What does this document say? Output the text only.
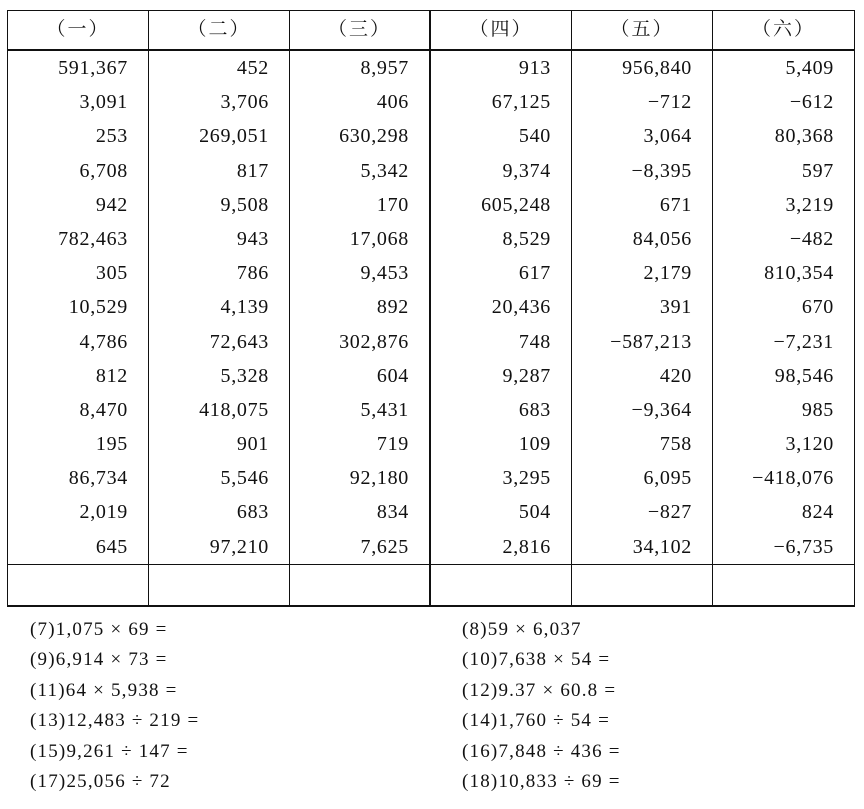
（一）	（二）	（三）	（四）	（五）	（六）
591,367	452	8,957	913	956,840	5,409
3,091	3,706	406	67,125	−712	−612
253	269,051	630,298	540	3,064	80,368
6,708	817	5,342	9,374	−8,395	597
942	9,508	170	605,248	671	3,219
782,463	943	17,068	8,529	84,056	−482
305	786	9,453	617	2,179	810,354
10,529	4,139	892	20,436	391	670
4,786	72,643	302,876	748	−587,213	−7,231
812	5,328	604	9,287	420	98,546
8,470	418,075	5,431	683	−9,364	985
195	901	719	109	758	3,120
86,734	5,546	92,180	3,295	6,095	−418,076
2,019	683	834	504	−827	824
645	97,210	7,625	2,816	34,102	−6,735
(7)1,075 × 69 =
(9)6,914 × 73 =
(11)64 × 5,938 =
(13)12,483 ÷ 219 =
(15)9,261 ÷ 147 =
(17)25,056 ÷ 72
(8)59 × 6,037
(10)7,638 × 54 =
(12)9.37 × 60.8 =
(14)1,760 ÷ 54 =
(16)7,848 ÷ 436 =
(18)10,833 ÷ 69 =
